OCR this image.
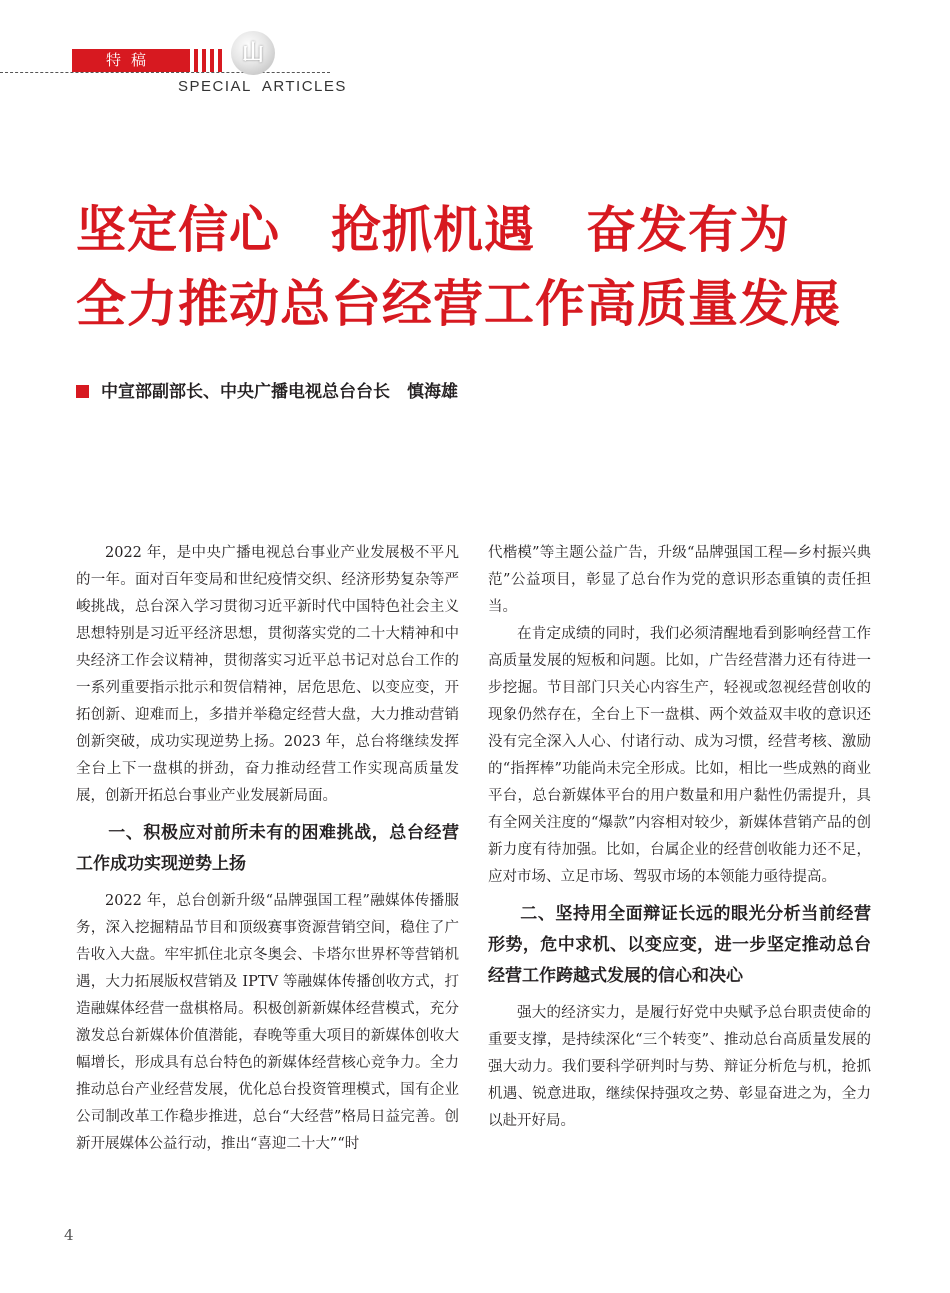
特稿	山
SPECIAL  ARTICLES
坚定信心　抢抓机遇　奋发有为
全力推动总台经营工作高质量发展
中宣部副部长、中央广播电视总台台长　慎海雄

2022 年，是中央广播电视总台事业产业发展极不平凡的一年。面对百年变局和世纪疫情交织、经济形势复杂等严峻挑战，总台深入学习贯彻习近平新时代中国特色社会主义思想特别是习近平经济思想，贯彻落实党的二十大精神和中央经济工作会议精神，贯彻落实习近平总书记对总台工作的一系列重要指示批示和贺信精神，居危思危、以变应变，开拓创新、迎难而上，多措并举稳定经营大盘，大力推动营销创新突破，成功实现逆势上扬。2023 年，总台将继续发挥全台上下一盘棋的拼劲，奋力推动经营工作实现高质量发展，创新开拓总台事业产业发展新局面。

一、积极应对前所未有的困难挑战，总台经营工作成功实现逆势上扬

2022 年，总台创新升级“品牌强国工程”融媒体传播服务，深入挖掘精品节目和顶级赛事资源营销空间，稳住了广告收入大盘。牢牢抓住北京冬奥会、卡塔尔世界杯等营销机遇，大力拓展版权营销及 IPTV 等融媒体传播创收方式，打造融媒体经营一盘棋格局。积极创新新媒体经营模式，充分激发总台新媒体价值潜能，春晚等重大项目的新媒体创收大幅增长，形成具有总台特色的新媒体经营核心竞争力。全力推动总台产业经营发展，优化总台投资管理模式，国有企业公司制改革工作稳步推进，总台“大经营”格局日益完善。创新开展媒体公益行动，推出“喜迎二十大”“时

代楷模”等主题公益广告，升级“品牌强国工程—乡村振兴典范”公益项目，彰显了总台作为党的意识形态重镇的责任担当。

在肯定成绩的同时，我们必须清醒地看到影响经营工作高质量发展的短板和问题。比如，广告经营潜力还有待进一步挖掘。节目部门只关心内容生产，轻视或忽视经营创收的现象仍然存在，全台上下一盘棋、两个效益双丰收的意识还没有完全深入人心、付诸行动、成为习惯，经营考核、激励的“指挥棒”功能尚未完全形成。比如，相比一些成熟的商业平台，总台新媒体平台的用户数量和用户黏性仍需提升，具有全网关注度的“爆款”内容相对较少，新媒体营销产品的创新力度有待加强。比如，台属企业的经营创收能力还不足，应对市场、立足市场、驾驭市场的本领能力亟待提高。

二、坚持用全面辩证长远的眼光分析当前经营形势，危中求机、以变应变，进一步坚定推动总台经营工作跨越式发展的信心和决心

强大的经济实力，是履行好党中央赋予总台职责使命的重要支撑，是持续深化“三个转变”、推动总台高质量发展的强大动力。我们要科学研判时与势、辩证分析危与机，抢抓机遇、锐意进取，继续保持强攻之势、彰显奋进之为，全力以赴开好局。

4
